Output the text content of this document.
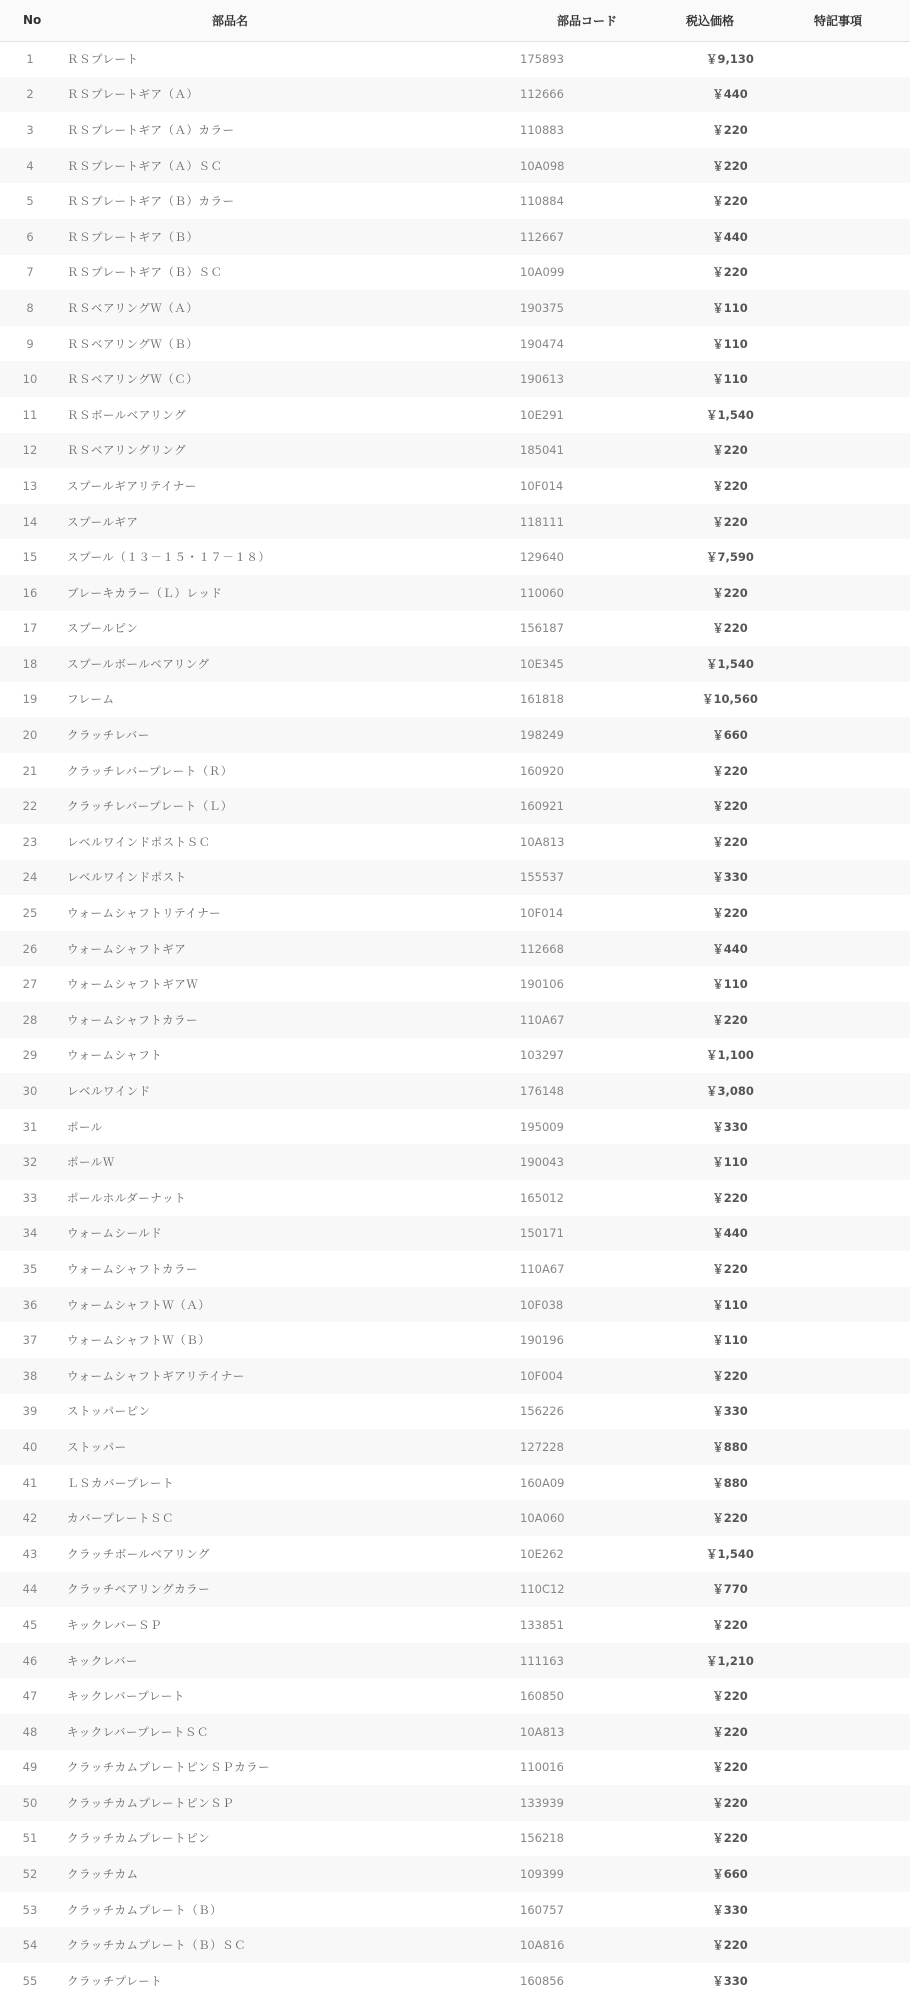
No	部品名	部品コード	税込価格	特記事項
1	ＲＳプレート	175893	￥9,130	
2	ＲＳプレートギア（Ａ）	112666	￥440	
3	ＲＳプレートギア（Ａ）カラー	110883	￥220	
4	ＲＳプレートギア（Ａ）ＳＣ	10A098	￥220	
5	ＲＳプレートギア（Ｂ）カラー	110884	￥220	
6	ＲＳプレートギア（Ｂ）	112667	￥440	
7	ＲＳプレートギア（Ｂ）ＳＣ	10A099	￥220	
8	ＲＳベアリングＷ（Ａ）	190375	￥110	
9	ＲＳベアリングＷ（Ｂ）	190474	￥110	
10	ＲＳベアリングＷ（Ｃ）	190613	￥110	
11	ＲＳボールベアリング	10E291	￥1,540	
12	ＲＳベアリングリング	185041	￥220	
13	スプールギアリテイナー	10F014	￥220	
14	スプールギア	118111	￥220	
15	スプール（１３－１５・１７－１８）	129640	￥7,590	
16	ブレーキカラー（Ｌ）レッド	110060	￥220	
17	スプールピン	156187	￥220	
18	スプールボールベアリング	10E345	￥1,540	
19	フレーム	161818	￥10,560	
20	クラッチレバー	198249	￥660	
21	クラッチレバープレート（Ｒ）	160920	￥220	
22	クラッチレバープレート（Ｌ）	160921	￥220	
23	レベルワインドポストＳＣ	10A813	￥220	
24	レベルワインドポスト	155537	￥330	
25	ウォームシャフトリテイナー	10F014	￥220	
26	ウォームシャフトギア	112668	￥440	
27	ウォームシャフトギアＷ	190106	￥110	
28	ウォームシャフトカラー	110A67	￥220	
29	ウォームシャフト	103297	￥1,100	
30	レベルワインド	176148	￥3,080	
31	ポール	195009	￥330	
32	ポールＷ	190043	￥110	
33	ポールホルダーナット	165012	￥220	
34	ウォームシールド	150171	￥440	
35	ウォームシャフトカラー	110A67	￥220	
36	ウォームシャフトＷ（Ａ）	10F038	￥110	
37	ウォームシャフトＷ（Ｂ）	190196	￥110	
38	ウォームシャフトギアリテイナー	10F004	￥220	
39	ストッパーピン	156226	￥330	
40	ストッパー	127228	￥880	
41	ＬＳカバープレート	160A09	￥880	
42	カバープレートＳＣ	10A060	￥220	
43	クラッチボールベアリング	10E262	￥1,540	
44	クラッチベアリングカラー	110C12	￥770	
45	キックレバーＳＰ	133851	￥220	
46	キックレバー	111163	￥1,210	
47	キックレバープレート	160850	￥220	
48	キックレバープレートＳＣ	10A813	￥220	
49	クラッチカムプレートピンＳＰカラー	110016	￥220	
50	クラッチカムプレートピンＳＰ	133939	￥220	
51	クラッチカムプレートピン	156218	￥220	
52	クラッチカム	109399	￥660	
53	クラッチカムプレート（Ｂ）	160757	￥330	
54	クラッチカムプレート（Ｂ）ＳＣ	10A816	￥220	
55	クラッチプレート	160856	￥330	
